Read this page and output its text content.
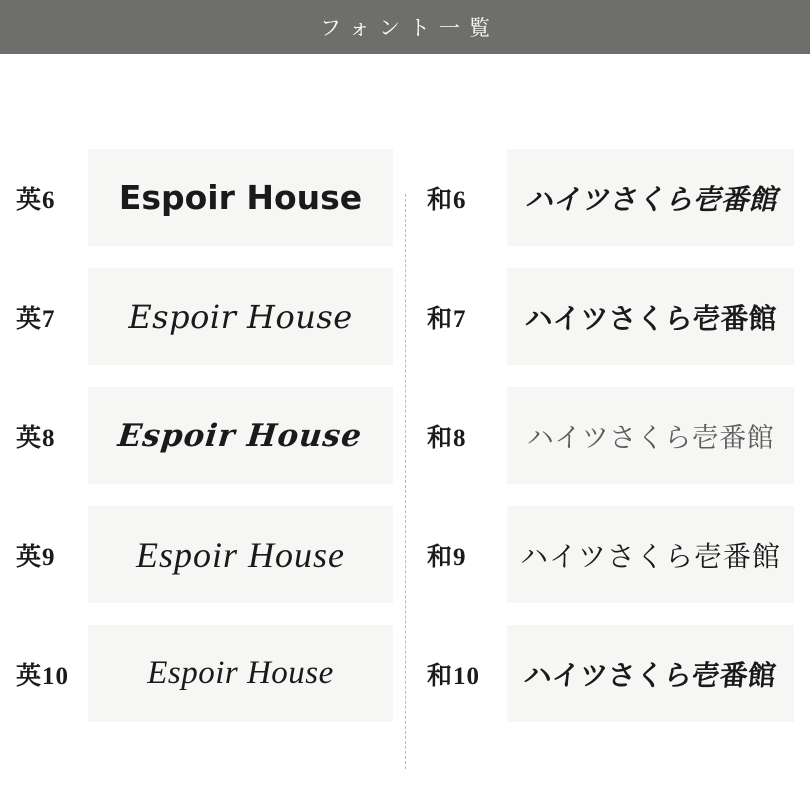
フォント一覧
英6	Espoir House
英7	Espoir House
英8	Espoir House
英9	Espoir House
英10	Espoir House
和6	ハイツさくら壱番館
和7	ハイツさくら壱番館
和8	ハイツさくら壱番館
和9	ハイツさくら壱番館
和10	ハイツさくら壱番館
